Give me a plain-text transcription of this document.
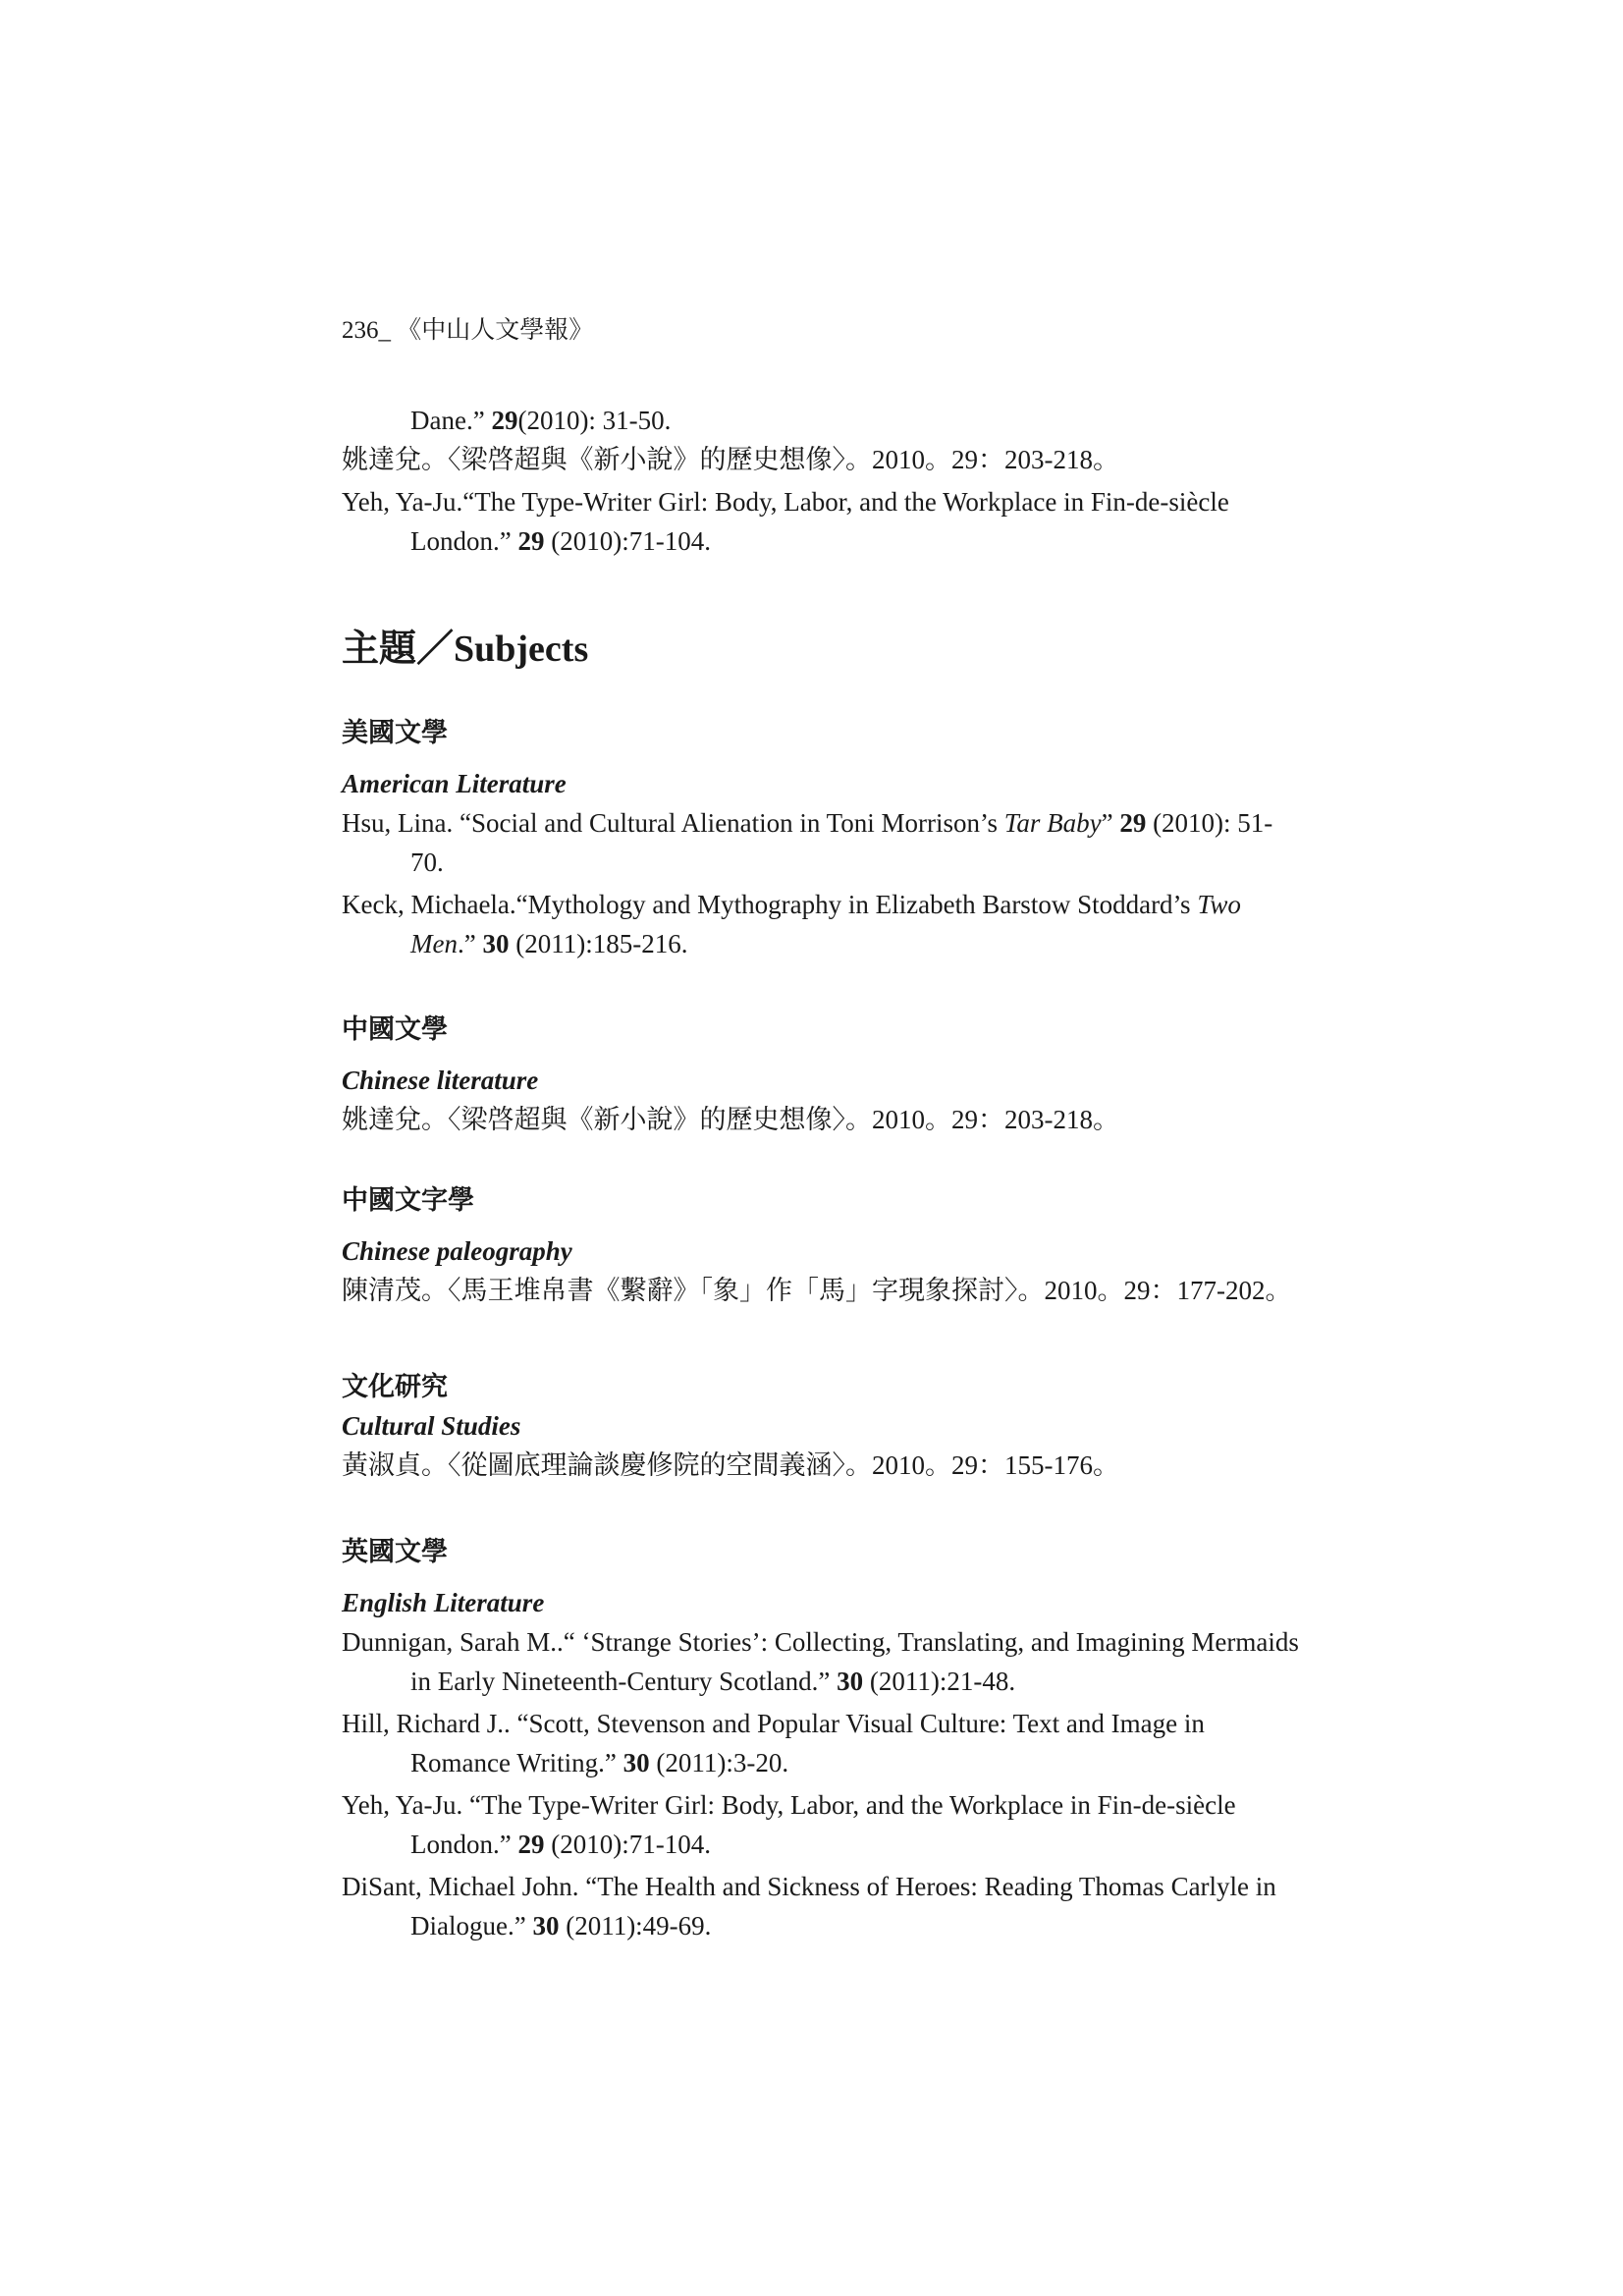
236_ 《中山人文學報》

Dane.” 29(2010): 31-50.

姚達兌。〈梁啓超與《新小說》的歷史想像〉。2010。29：203-218。

Yeh, Ya-Ju.“The Type-Writer Girl: Body, Labor, and the Workplace in Fin-de-siècle London.” 29 (2010):71-104.

主題／Subjects

美國文學

American Literature

Hsu, Lina. “Social and Cultural Alienation in Toni Morrison’s Tar Baby” 29 (2010): 51-70.

Keck, Michaela.“Mythology and Mythography in Elizabeth Barstow Stoddard’s Two Men.” 30 (2011):185-216.

中國文學

Chinese literature

姚達兌。〈梁啓超與《新小說》的歷史想像〉。2010。29：203-218。

中國文字學

Chinese paleography

陳清茂。〈馬王堆帛書《繫辭》「象」作「馬」字現象探討〉。2010。29：177-202。

文化研究

Cultural Studies

黃淑貞。〈從圖底理論談慶修院的空間義涵〉。2010。29：155-176。

英國文學

English Literature

Dunnigan, Sarah M..“ ‘Strange Stories’: Collecting, Translating, and Imagining Mermaids in Early Nineteenth-Century Scotland.” 30 (2011):21-48.

Hill, Richard J.. “Scott, Stevenson and Popular Visual Culture: Text and Image in Romance Writing.” 30 (2011):3-20.

Yeh, Ya-Ju. “The Type-Writer Girl: Body, Labor, and the Workplace in Fin-de-siècle London.” 29 (2010):71-104.

DiSant, Michael John. “The Health and Sickness of Heroes: Reading Thomas Carlyle in Dialogue.” 30 (2011):49-69.
